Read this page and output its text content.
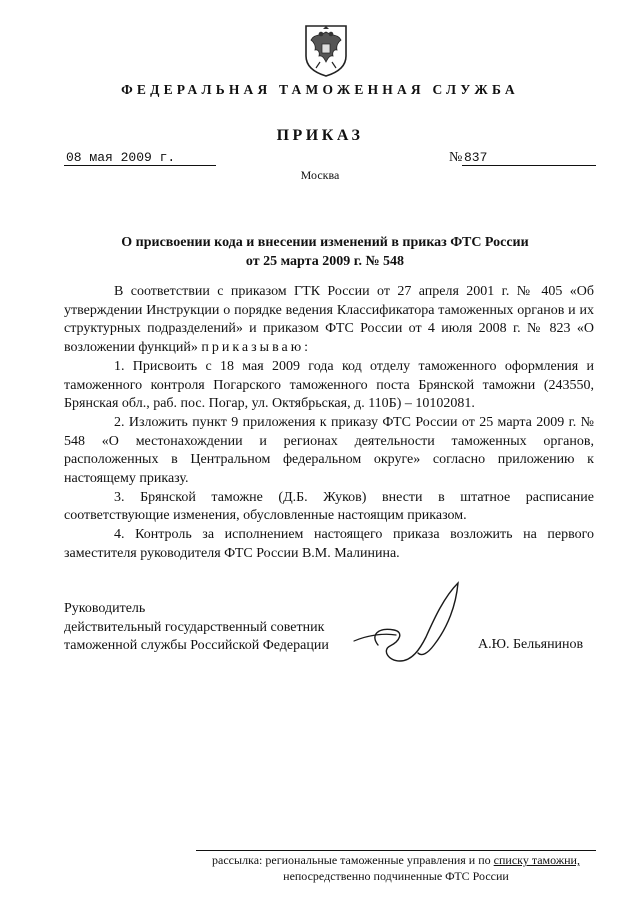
ФЕДЕРАЛЬНАЯ ТАМОЖЕННАЯ СЛУЖБА
ПРИКАЗ
08 мая 2009 г.	№ 837
Москва
О присвоении кода и внесении изменений в приказ ФТС России
от 25 марта 2009 г. № 548

В соответствии с приказом ГТК России от 27 апреля 2001 г. № 405 «Об утверждении Инструкции о порядке ведения Классификатора таможенных органов и их структурных подразделений» и приказом ФТС России от 4 июля 2008 г. № 823 «О возложении функций» приказываю:

1. Присвоить с 18 мая 2009 года код отделу таможенного оформления и таможенного контроля Погарского таможенного поста Брянской таможни (243550, Брянская обл., раб. пос. Погар, ул. Октябрьская, д. 110Б) – 10102081.

2. Изложить пункт 9 приложения к приказу ФТС России от 25 марта 2009 г. № 548 «О местонахождении и регионах деятельности таможенных органов, расположенных в Центральном федеральном округе» согласно приложению к настоящему приказу.

3. Брянской таможне (Д.Б. Жуков) внести в штатное расписание соответствующие изменения, обусловленные настоящим приказом.

4. Контроль за исполнением настоящего приказа возложить на первого заместителя руководителя ФТС России В.М. Малинина.

Руководитель
действительный государственный советник
таможенной службы Российской Федерации	А.Ю. Бельянинов
рассылка: региональные таможенные управления и по списку таможни,
непосредственно подчиненные ФТС России
